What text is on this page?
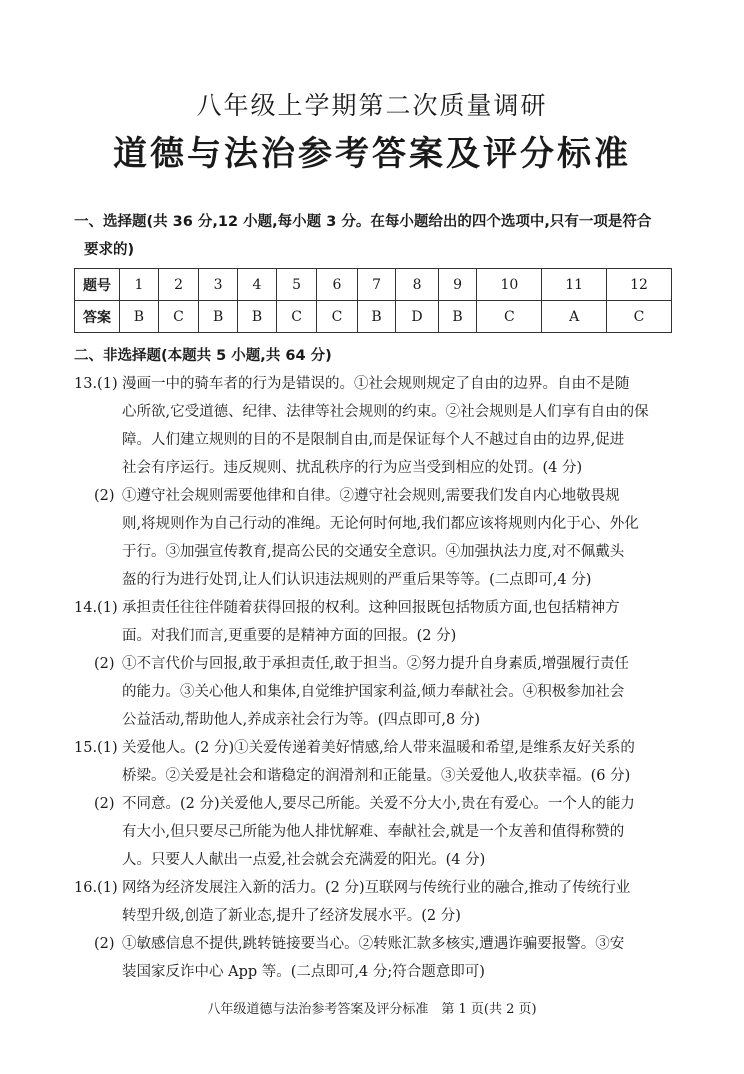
八年级上学期第二次质量调研
道德与法治参考答案及评分标准
一、选择题(共 36 分,12 小题,每小题 3 分。在每小题给出的四个选项中,只有一项是符合
要求的)
题号	1	2	3	4	5	6	7	8	9	10	11	12
答案	B	C	B	B	C	C	B	D	B	C	A	C
二、非选择题(本题共 5 小题,共 64 分)
13.(1) 漫画一中的骑车者的行为是错误的。①社会规则规定了自由的边界。自由不是随
心所欲,它受道德、纪律、法律等社会规则的约束。②社会规则是人们享有自由的保
障。人们建立规则的目的不是限制自由,而是保证每个人不越过自由的边界,促进
社会有序运行。违反规则、扰乱秩序的行为应当受到相应的处罚。(4 分)
(2) ①遵守社会规则需要他律和自律。②遵守社会规则,需要我们发自内心地敬畏规
则,将规则作为自己行动的准绳。无论何时何地,我们都应该将规则内化于心、外化
于行。③加强宣传教育,提高公民的交通安全意识。④加强执法力度,对不佩戴头
盔的行为进行处罚,让人们认识违法规则的严重后果等等。(二点即可,4 分)
14.(1) 承担责任往往伴随着获得回报的权利。这种回报既包括物质方面,也包括精神方
面。对我们而言,更重要的是精神方面的回报。(2 分)
(2) ①不言代价与回报,敢于承担责任,敢于担当。②努力提升自身素质,增强履行责任
的能力。③关心他人和集体,自觉维护国家利益,倾力奉献社会。④积极参加社会
公益活动,帮助他人,养成亲社会行为等。(四点即可,8 分)
15.(1) 关爱他人。(2 分)①关爱传递着美好情感,给人带来温暖和希望,是维系友好关系的
桥梁。②关爱是社会和谐稳定的润滑剂和正能量。③关爱他人,收获幸福。(6 分)
(2) 不同意。(2 分)关爱他人,要尽己所能。关爱不分大小,贵在有爱心。一个人的能力
有大小,但只要尽己所能为他人排忧解难、奉献社会,就是一个友善和值得称赞的
人。只要人人献出一点爱,社会就会充满爱的阳光。(4 分)
16.(1) 网络为经济发展注入新的活力。(2 分)互联网与传统行业的融合,推动了传统行业
转型升级,创造了新业态,提升了经济发展水平。(2 分)
(2) ①敏感信息不提供,跳转链接要当心。②转账汇款多核实,遭遇诈骗要报警。③安
装国家反诈中心 App 等。(二点即可,4 分;符合题意即可)
八年级道德与法治参考答案及评分标准　第 1 页(共 2 页)
